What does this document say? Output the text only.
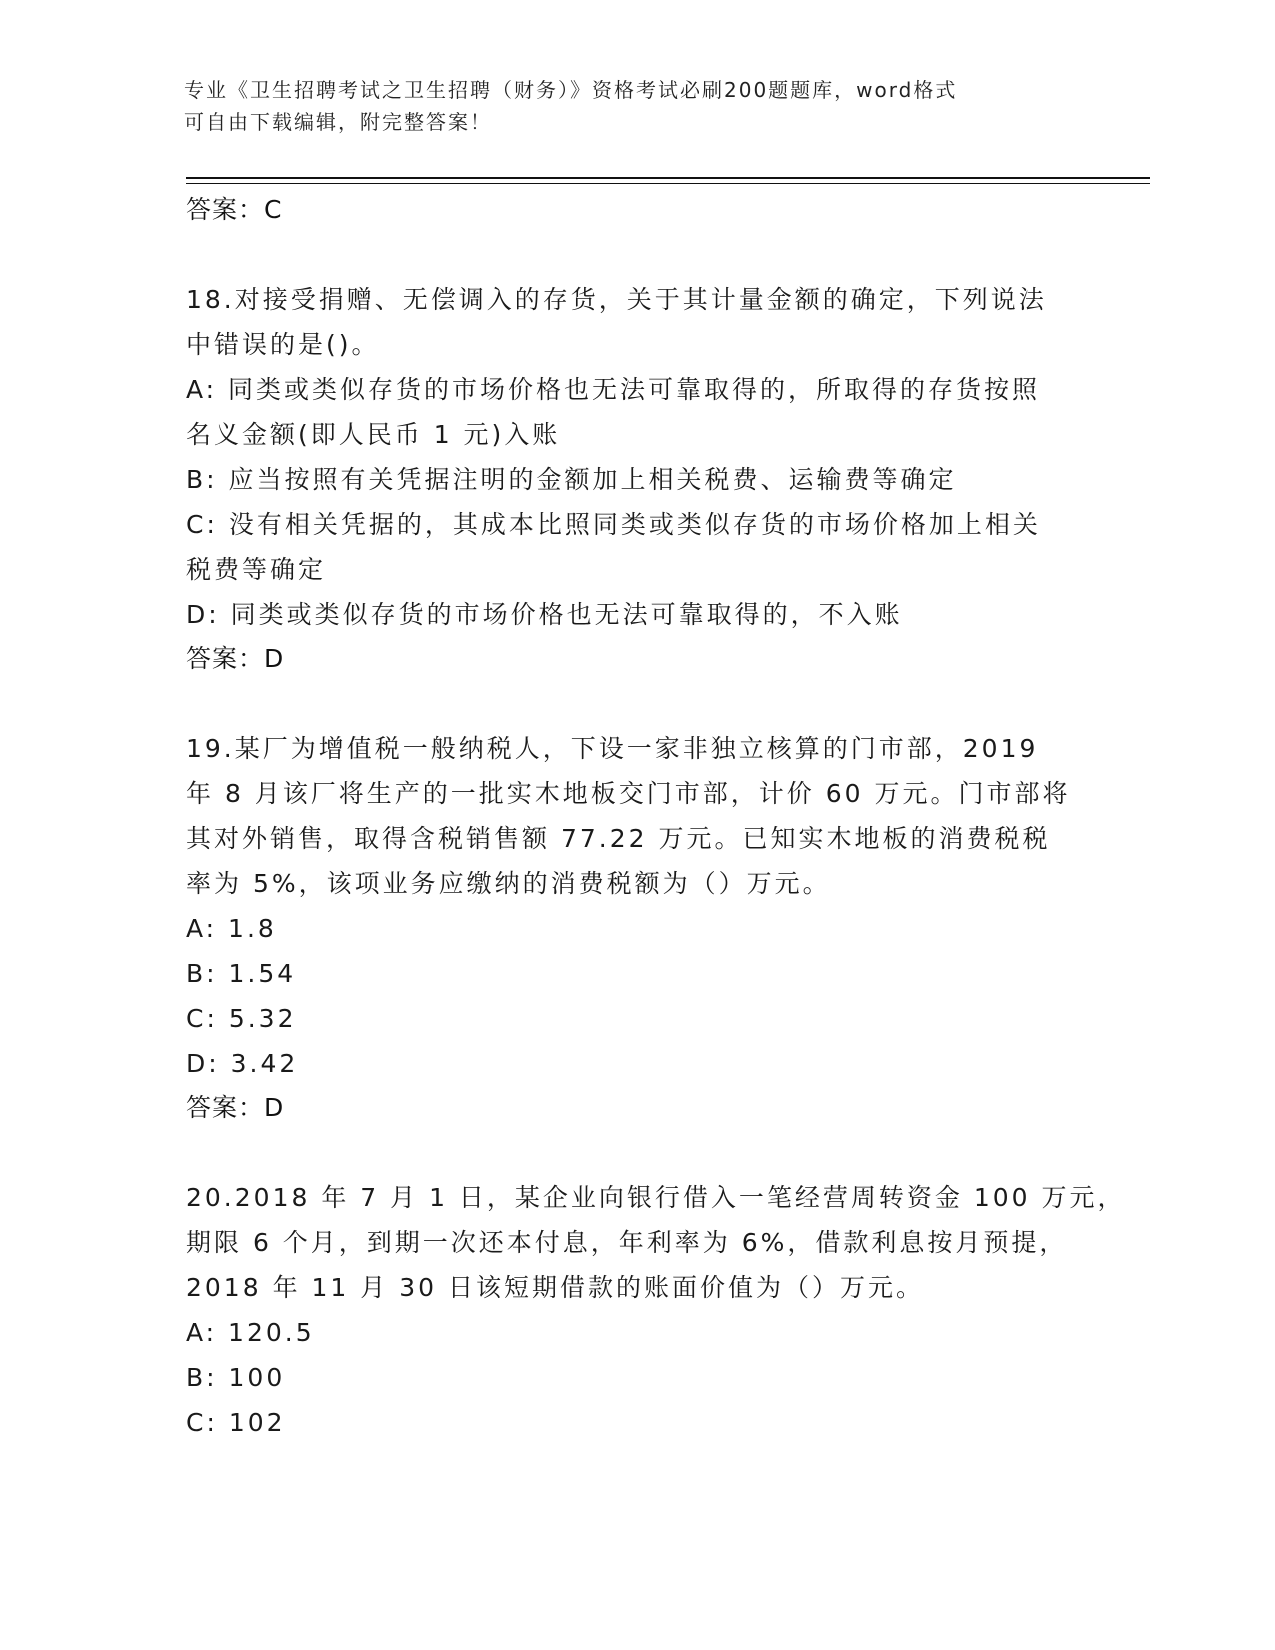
专业《卫生招聘考试之卫生招聘（财务）》资格考试必刷200题题库，word格式
可自由下载编辑，附完整答案！
答案：C
18.对接受捐赠、无偿调入的存货，关于其计量金额的确定，下列说法
中错误的是()。
A: 同类或类似存货的市场价格也无法可靠取得的，所取得的存货按照
名义金额(即人民币 1 元)入账
B: 应当按照有关凭据注明的金额加上相关税费、运输费等确定
C: 没有相关凭据的，其成本比照同类或类似存货的市场价格加上相关
税费等确定
D: 同类或类似存货的市场价格也无法可靠取得的，不入账
答案：D
19.某厂为增值税一般纳税人，下设一家非独立核算的门市部，2019
年 8 月该厂将生产的一批实木地板交门市部，计价 60 万元。门市部将
其对外销售，取得含税销售额 77.22 万元。已知实木地板的消费税税
率为 5%，该项业务应缴纳的消费税额为（）万元。
A: 1.8
B: 1.54
C: 5.32
D: 3.42
答案：D
20.2018 年 7 月 1 日，某企业向银行借入一笔经营周转资金 100 万元，
期限 6 个月，到期一次还本付息，年利率为 6%，借款利息按月预提，
2018 年 11 月 30 日该短期借款的账面价值为（）万元。
A: 120.5
B: 100
C: 102
